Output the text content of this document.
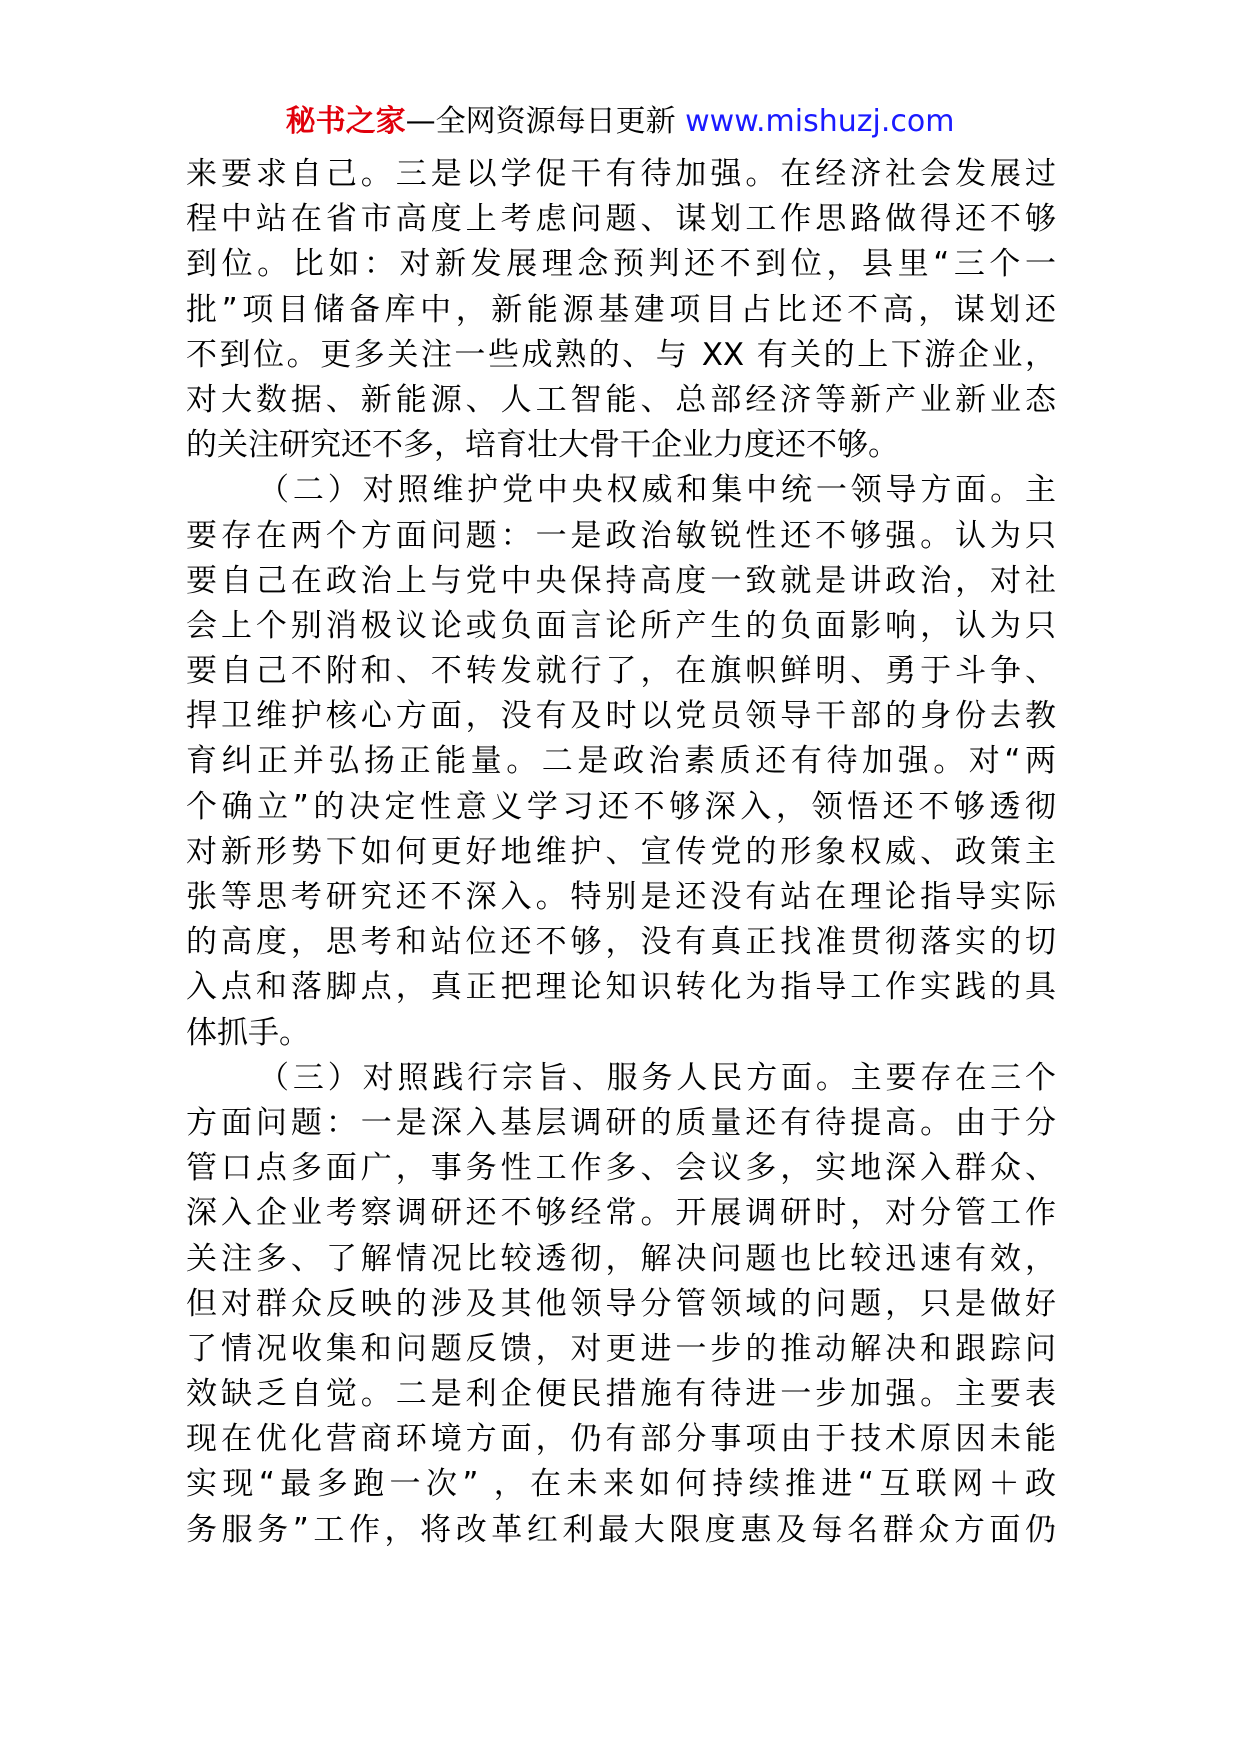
秘书之家—全网资源每日更新 www.mishuzj.com
来要求自己。三是以学促干有待加强。在经济社会发展过
程中站在省市高度上考虑问题、谋划工作思路做得还不够
到位。比如：对新发展理念预判还不到位，县里“三个一
批”项目储备库中，新能源基建项目占比还不高，谋划还
不到位。更多关注一些成熟的、与 XX 有关的上下游企业，
对大数据、新能源、人工智能、总部经济等新产业新业态
的关注研究还不多，培育壮大骨干企业力度还不够。
（二）对照维护党中央权威和集中统一领导方面。主
要存在两个方面问题：一是政治敏锐性还不够强。认为只
要自己在政治上与党中央保持高度一致就是讲政治，对社
会上个别消极议论或负面言论所产生的负面影响，认为只
要自己不附和、不转发就行了，在旗帜鲜明、勇于斗争、
捍卫维护核心方面，没有及时以党员领导干部的身份去教
育纠正并弘扬正能量。二是政治素质还有待加强。对“两
个确立”的决定性意义学习还不够深入，领悟还不够透彻
对新形势下如何更好地维护、宣传党的形象权威、政策主
张等思考研究还不深入。特别是还没有站在理论指导实际
的高度，思考和站位还不够，没有真正找准贯彻落实的切
入点和落脚点，真正把理论知识转化为指导工作实践的具
体抓手。
（三）对照践行宗旨、服务人民方面。主要存在三个
方面问题：一是深入基层调研的质量还有待提高。由于分
管口点多面广，事务性工作多、会议多，实地深入群众、
深入企业考察调研还不够经常。开展调研时，对分管工作
关注多、了解情况比较透彻，解决问题也比较迅速有效，
但对群众反映的涉及其他领导分管领域的问题，只是做好
了情况收集和问题反馈，对更进一步的推动解决和跟踪问
效缺乏自觉。二是利企便民措施有待进一步加强。主要表
现在优化营商环境方面，仍有部分事项由于技术原因未能
实现“最多跑一次” ，在未来如何持续推进“互联网＋政
务服务”工作，将改革红利最大限度惠及每名群众方面仍
